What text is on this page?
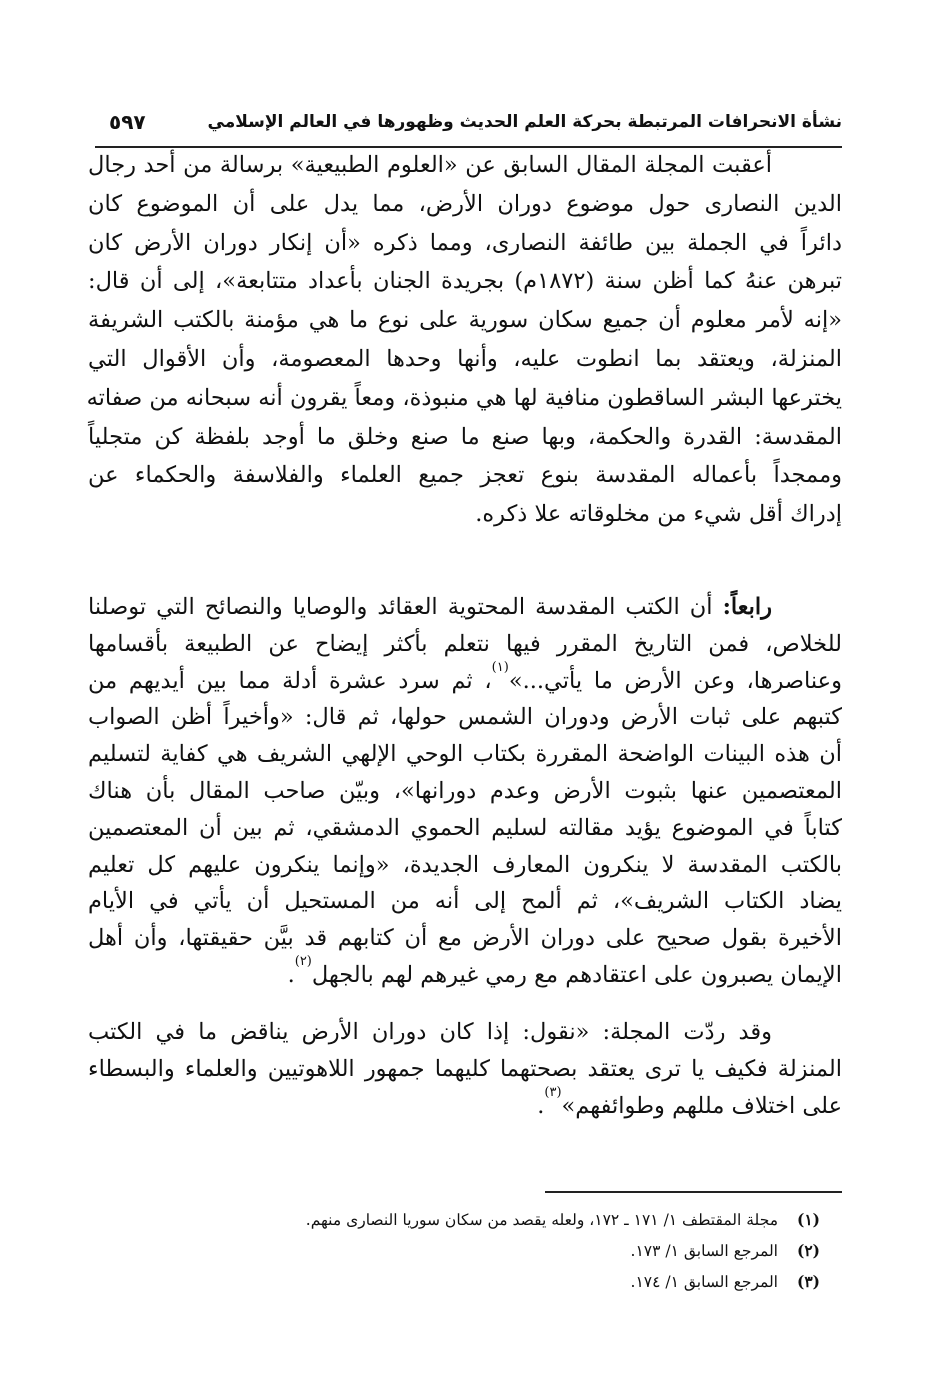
نشأة الانحرافات المرتبطة بحركة العلم الحديث وظهورها في العالم الإسلامي
٥٩٧
أعقبت المجلة المقال السابق عن «العلوم الطبيعية» برسالة من أحد رجال
الدين النصارى حول موضوع دوران الأرض، مما يدل على أن الموضوع كان
دائراً في الجملة بين طائفة النصارى، ومما ذكره «أن إنكار دوران الأرض كان
تبرهن عنهُ كما أظن سنة (١٨٧٢م) بجريدة الجنان بأعداد متتابعة»، إلى أن قال:
«إنه لأمر معلوم أن جميع سكان سورية على نوع ما هي مؤمنة بالكتب الشريفة
المنزلة، ويعتقد بما انطوت عليه، وأنها وحدها المعصومة، وأن الأقوال التي
يخترعها البشر الساقطون منافية لها هي منبوذة، ومعاً يقرون أنه سبحانه من صفاته
المقدسة: القدرة والحكمة، وبها صنع ما صنع وخلق ما أوجد بلفظة كن متجلياً
وممجداً بأعماله المقدسة بنوع تعجز جميع العلماء والفلاسفة والحكماء عن
إدراك أقل شيء من مخلوقاته علا ذكره.
رابعاً: أن الكتب المقدسة المحتوية العقائد والوصايا والنصائح التي توصلنا
للخلاص، فمن التاريخ المقرر فيها نتعلم بأكثر إيضاح عن الطبيعة بأقسامها
وعناصرها، وعن الأرض ما يأتي...»$^{(١)}$، ثم سرد عشرة أدلة مما بين أيديهم من
كتبهم على ثبات الأرض ودوران الشمس حولها، ثم قال: «وأخيراً أظن الصواب
أن هذه البينات الواضحة المقررة بكتاب الوحي الإلهي الشريف هي كفاية لتسليم
المعتصمين عنها بثبوت الأرض وعدم دورانها»، وبيّن صاحب المقال بأن هناك
كتاباً في الموضوع يؤيد مقالته لسليم الحموي الدمشقي، ثم بين أن المعتصمين
بالكتب المقدسة لا ينكرون المعارف الجديدة، «وإنما ينكرون عليهم كل تعليم
يضاد الكتاب الشريف»، ثم ألمح إلى أنه من المستحيل أن يأتي في الأيام
الأخيرة بقول صحيح على دوران الأرض مع أن كتابهم قد بيَّن حقيقتها، وأن أهل
الإيمان يصبرون على اعتقادهم مع رمي غيرهم لهم بالجهل$^{(٢)}$.
وقد ردّت المجلة: «نقول: إذا كان دوران الأرض يناقض ما في الكتب
المنزلة فكيف يا ترى يعتقد بصحتهما كليهما جمهور اللاهوتيين والعلماء والبسطاء
على اختلاف مللهم وطوائفهم»$^{(٣)}$.
(١)مجلة المقتطف ١/ ١٧١ ـ ١٧٢، ولعله يقصد من سكان سوريا النصارى منهم.
(٢)المرجع السابق ١/ ١٧٣.
(٣)المرجع السابق ١/ ١٧٤.
